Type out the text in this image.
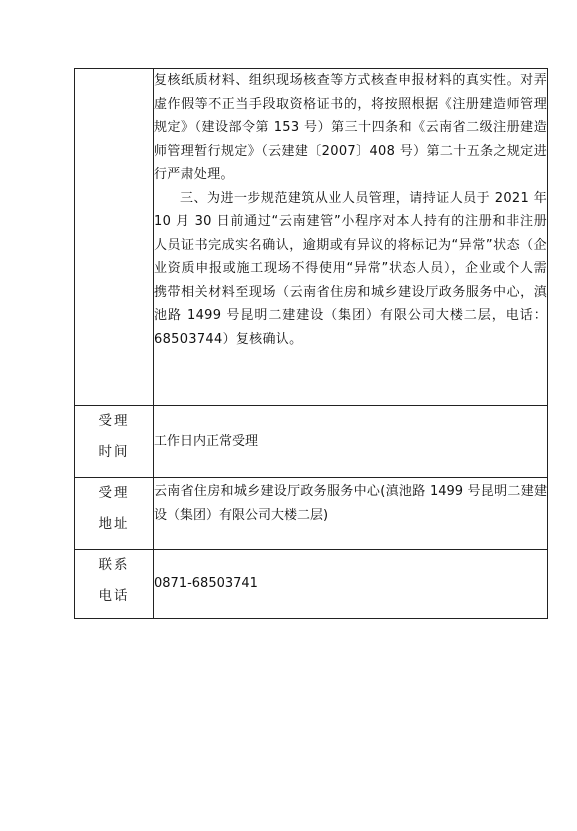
	复核纸质材料、组织现场核查等方式核查申报材料的真实性。对弄虚作假等不正当手段取资格证书的，将按照根据《注册建造师管理规定》（建设部令第 153 号）第三十四条和《云南省二级注册建造师管理暂行规定》（云建建〔2007〕408 号）第二十五条之规定进行严肃处理。

三、为进一步规范建筑从业人员管理，请持证人员于 2021 年 10 月 30 日前通过“云南建管”小程序对本人持有的注册和非注册人员证书完成实名确认，逾期或有异议的将标记为“异常”状态（企业资质申报或施工现场不得使用“异常”状态人员），企业或个人需携带相关材料至现场（云南省住房和城乡建设厅政务服务中心，滇池路 1499 号昆明二建建设（集团）有限公司大楼二层，电话：68503744）复核确认。

受理
时间	工作日内正常受理

受理
地址	云南省住房和城乡建设厅政务服务中心(滇池路 1499 号昆明二建建设（集团）有限公司大楼二层)

联系
电话	0871-68503741
